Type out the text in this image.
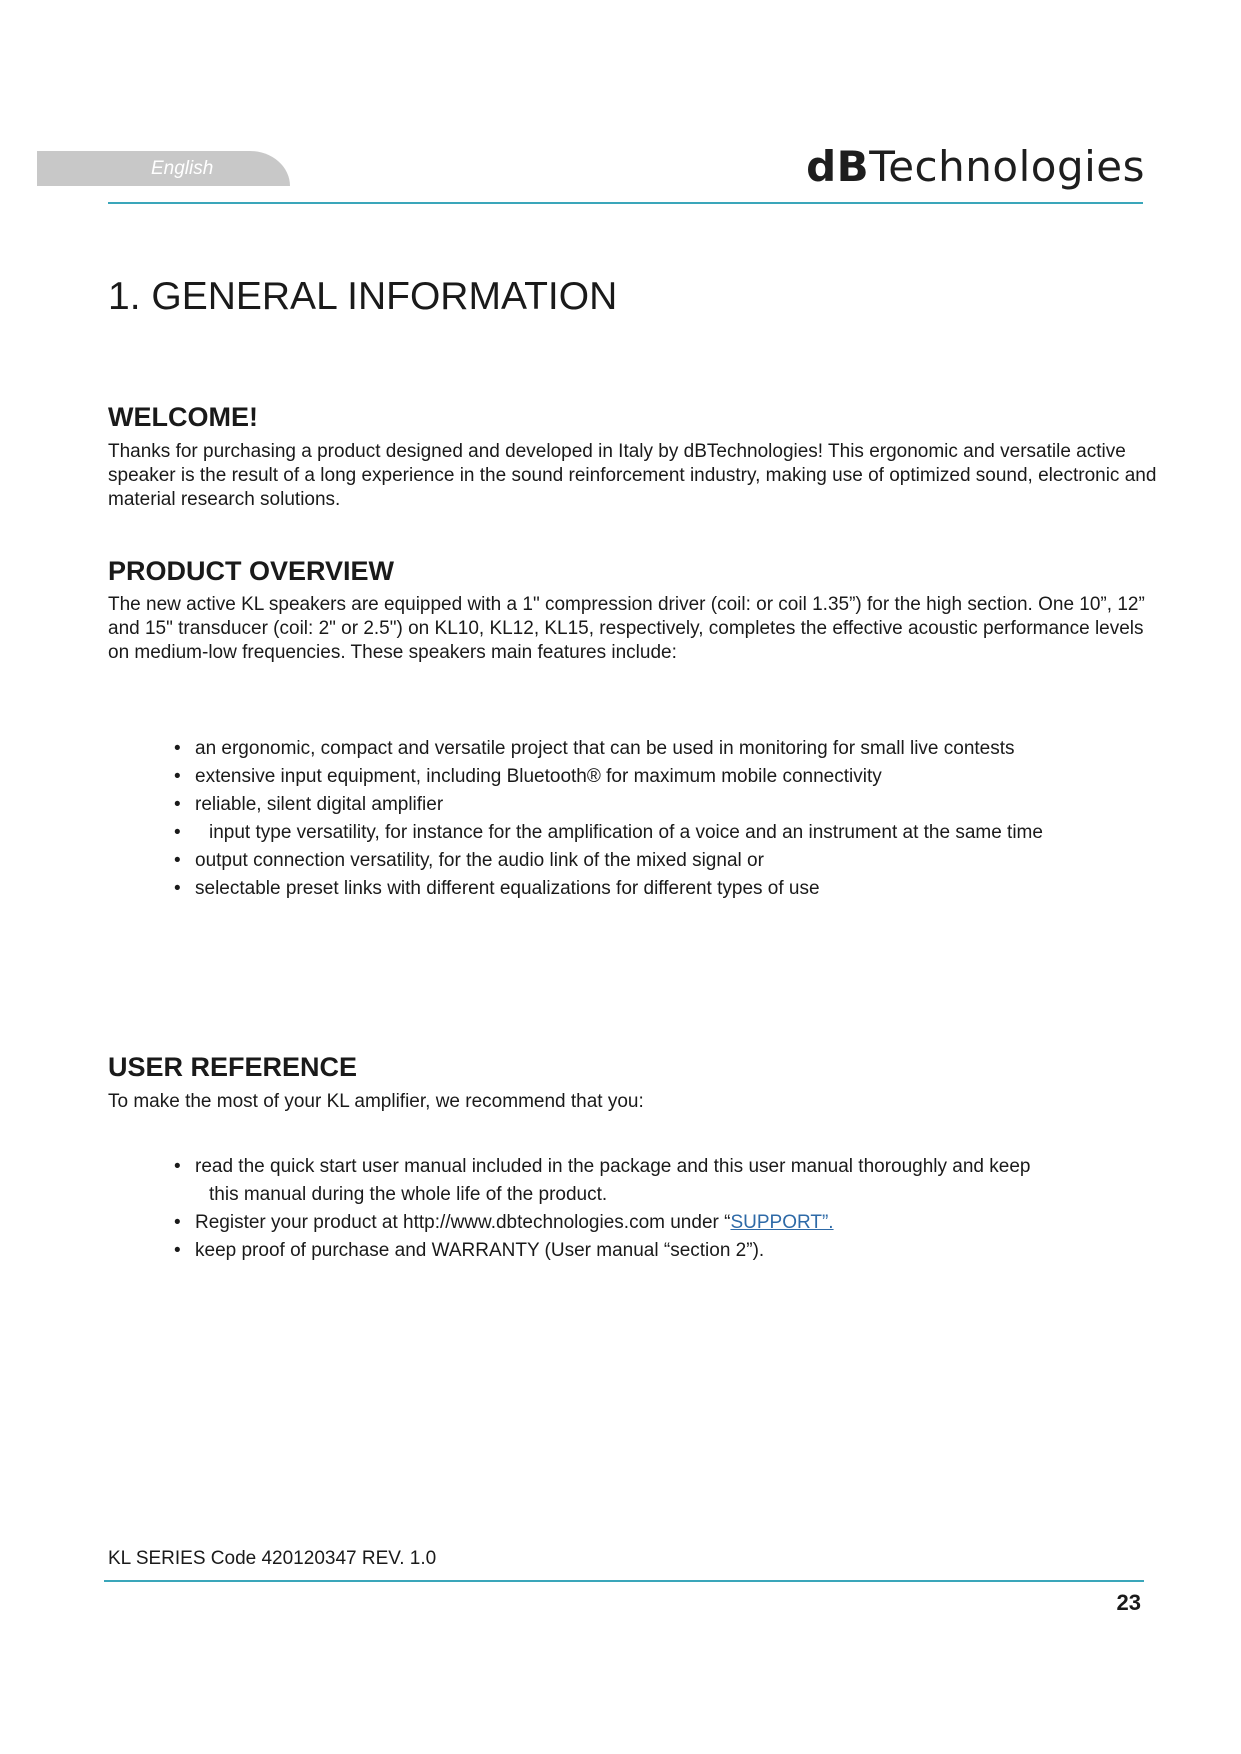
English	dBTechnologies
1. GENERAL INFORMATION
WELCOME!

Thanks for purchasing a product designed and developed in Italy by dBTechnologies! This ergonomic and versatile active speaker is the result of a long experience in the sound reinforcement industry, making use of optimized sound, electronic and material research solutions.

PRODUCT OVERVIEW

The new active KL speakers are equipped with a 1" compression driver (coil: or coil 1.35”) for the high section. One 10”, 12” and 15" transducer (coil: 2" or 2.5") on KL10, KL12, KL15, respectively, completes the effective acoustic performance levels on medium-low frequencies. These speakers main features include:

• an ergonomic, compact and versatile project that can be used in monitoring for small live contests
• extensive input equipment, including Bluetooth® for maximum mobile connectivity
• reliable, silent digital amplifier
• input type versatility, for instance for the amplification of a voice and an instrument at the same time
• output connection versatility, for the audio link of the mixed signal or
• selectable preset links with different equalizations for different types of use
USER REFERENCE

To make the most of your KL amplifier, we recommend that you:

• read the quick start user manual included in the package and this user manual thoroughly and keep
this manual during the whole life of the product.
• Register your product at http://www.dbtechnologies.com under “SUPPORT”.
• keep proof of purchase and WARRANTY (User manual “section 2”).
KL SERIES Code 420120347 REV. 1.0
23
